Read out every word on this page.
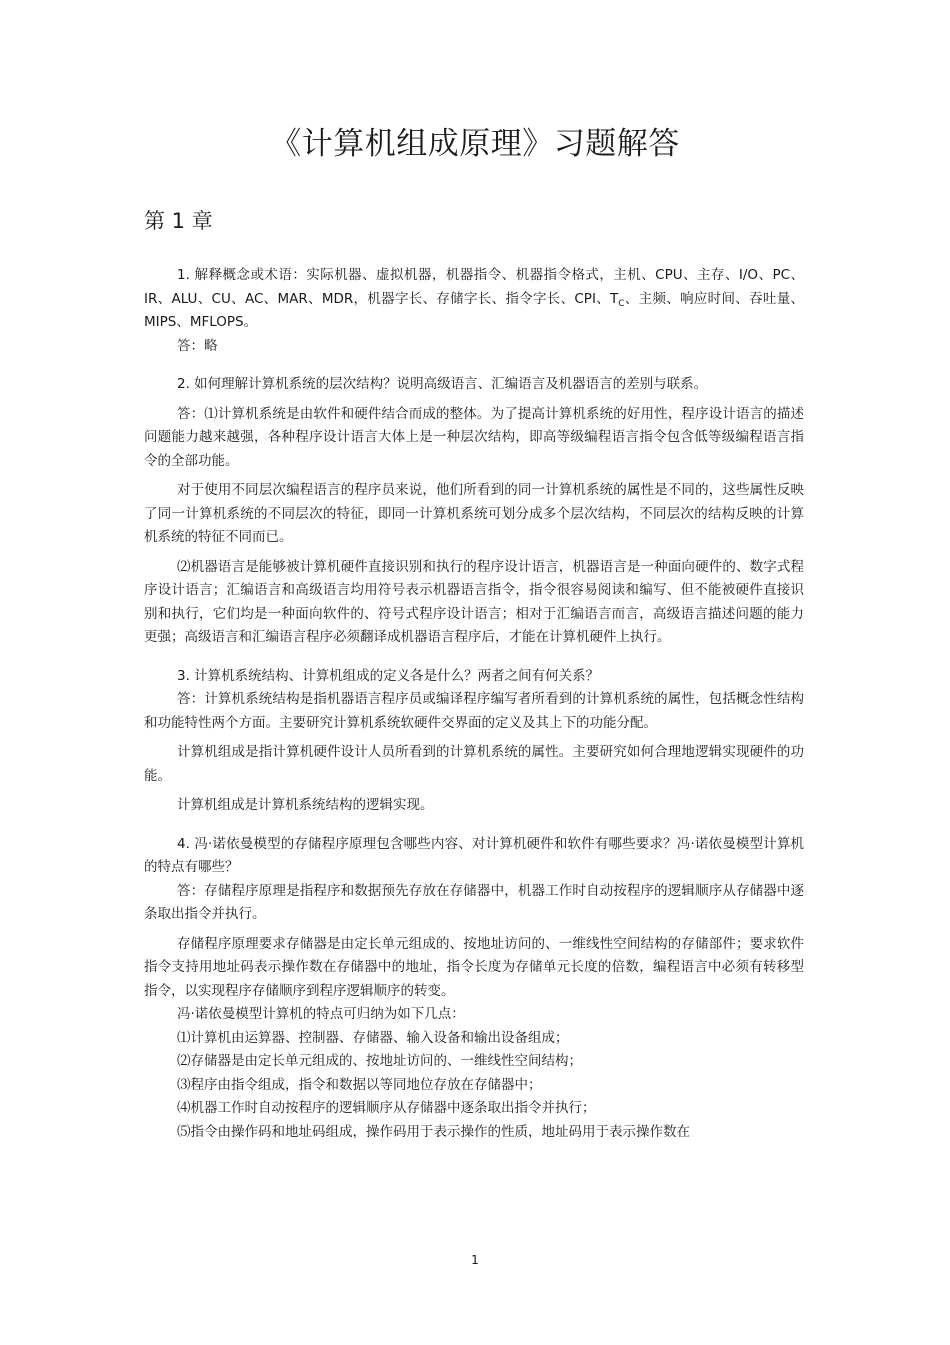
《计算机组成原理》习题解答
第 1 章

1. 解释概念或术语：实际机器、虚拟机器，机器指令、机器指令格式，主机、CPU、主存、I/O、PC、IR、ALU、CU、AC、MAR、MDR，机器字长、存储字长、指令字长、CPI、$T_C$、主频、响应时间、吞吐量、MIPS、MFLOPS。

答：略

2. 如何理解计算机系统的层次结构？说明高级语言、汇编语言及机器语言的差别与联系。

答：⑴计算机系统是由软件和硬件结合而成的整体。为了提高计算机系统的好用性，程序设计语言的描述问题能力越来越强，各种程序设计语言大体上是一种层次结构，即高等级编程语言指令包含低等级编程语言指令的全部功能。

对于使用不同层次编程语言的程序员来说，他们所看到的同一计算机系统的属性是不同的，这些属性反映了同一计算机系统的不同层次的特征，即同一计算机系统可划分成多个层次结构，不同层次的结构反映的计算机系统的特征不同而已。

⑵机器语言是能够被计算机硬件直接识别和执行的程序设计语言，机器语言是一种面向硬件的、数字式程序设计语言；汇编语言和高级语言均用符号表示机器语言指令，指令很容易阅读和编写、但不能被硬件直接识别和执行，它们均是一种面向软件的、符号式程序设计语言；相对于汇编语言而言，高级语言描述问题的能力更强；高级语言和汇编语言程序必须翻译成机器语言程序后，才能在计算机硬件上执行。

3. 计算机系统结构、计算机组成的定义各是什么？两者之间有何关系？

答：计算机系统结构是指机器语言程序员或编译程序编写者所看到的计算机系统的属性，包括概念性结构和功能特性两个方面。主要研究计算机系统软硬件交界面的定义及其上下的功能分配。

计算机组成是指计算机硬件设计人员所看到的计算机系统的属性。主要研究如何合理地逻辑实现硬件的功能。

计算机组成是计算机系统结构的逻辑实现。

4. 冯·诺依曼模型的存储程序原理包含哪些内容、对计算机硬件和软件有哪些要求？冯·诺依曼模型计算机的特点有哪些？

答：存储程序原理是指程序和数据预先存放在存储器中，机器工作时自动按程序的逻辑顺序从存储器中逐条取出指令并执行。

存储程序原理要求存储器是由定长单元组成的、按地址访问的、一维线性空间结构的存储部件；要求软件指令支持用地址码表示操作数在存储器中的地址，指令长度为存储单元长度的倍数，编程语言中必须有转移型指令，以实现程序存储顺序到程序逻辑顺序的转变。

冯·诺依曼模型计算机的特点可归纳为如下几点：

⑴计算机由运算器、控制器、存储器、输入设备和输出设备组成；

⑵存储器是由定长单元组成的、按地址访问的、一维线性空间结构；

⑶程序由指令组成，指令和数据以等同地位存放在存储器中；

⑷机器工作时自动按程序的逻辑顺序从存储器中逐条取出指令并执行；

⑸指令由操作码和地址码组成，操作码用于表示操作的性质，地址码用于表示操作数在

1
